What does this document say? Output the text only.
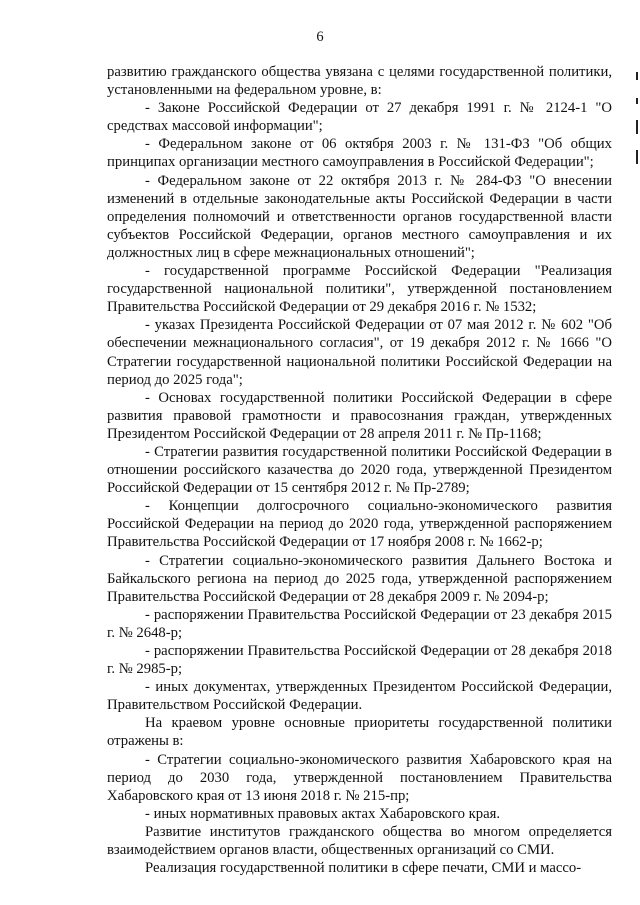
6

развитию гражданского общества увязана с целями государственной политики, установленными на федеральном уровне, в:

- Законе Российской Федерации от 27 декабря 1991 г. № 2124-1 "О средствах массовой информации";

- Федеральном законе от 06 октября 2003 г. № 131-ФЗ "Об общих принципах организации местного самоуправления в Российской Федерации";

- Федеральном законе от 22 октября 2013 г. № 284-ФЗ "О внесении изменений в отдельные законодательные акты Российской Федерации в части определения полномочий и ответственности органов государственной власти субъектов Российской Федерации, органов местного самоуправления и их должностных лиц в сфере межнациональных отношений";

- государственной программе Российской Федерации "Реализация государственной национальной политики", утвержденной постановлением Правительства Российской Федерации от 29 декабря 2016 г. № 1532;

- указах Президента Российской Федерации от 07 мая 2012 г. № 602 "Об обеспечении межнационального согласия", от 19 декабря 2012 г. № 1666 "О Стратегии государственной национальной политики Российской Федерации на период до 2025 года";

- Основах государственной политики Российской Федерации в сфере развития правовой грамотности и правосознания граждан, утвержденных Президентом Российской Федерации от 28 апреля 2011 г. № Пр-1168;

- Стратегии развития государственной политики Российской Федерации в отношении российского казачества до 2020 года, утвержденной Президентом Российской Федерации от 15 сентября 2012 г. № Пр-2789;

- Концепции долгосрочного социально-экономического развития Российской Федерации на период до 2020 года, утвержденной распоряжением Правительства Российской Федерации от 17 ноября 2008 г. № 1662-р;

- Стратегии социально-экономического развития Дальнего Востока и Байкальского региона на период до 2025 года, утвержденной распоряжением Правительства Российской Федерации от 28 декабря 2009 г. № 2094-р;

- распоряжении Правительства Российской Федерации от 23 декабря 2015 г. № 2648-р;

- распоряжении Правительства Российской Федерации от 28 декабря 2018 г. № 2985-р;

- иных документах, утвержденных Президентом Российской Федерации, Правительством Российской Федерации.

На краевом уровне основные приоритеты государственной политики отражены в:

- Стратегии социально-экономического развития Хабаровского края на период до 2030 года, утвержденной постановлением Правительства Хабаровского края от 13 июня 2018 г. № 215-пр;

- иных нормативных правовых актах Хабаровского края.

Развитие институтов гражданского общества во многом определяется взаимодействием органов власти, общественных организаций со СМИ.

Реализация государственной политики в сфере печати, СМИ и массо-
